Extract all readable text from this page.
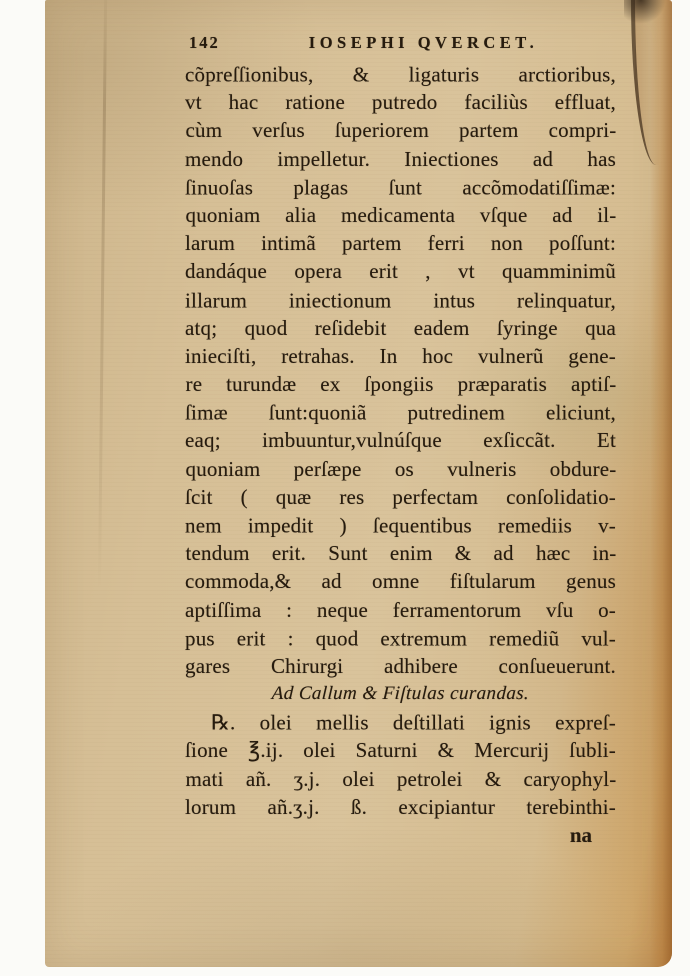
142	IOSEPHI QVERCET.
cõpreſſionibus, & ligaturis arctioribus,
vt hac ratione putredo faciliùs effluat,
cùm verſus ſuperiorem partem compri-
mendo impelletur. Iniectiones ad has
ſinuoſas plagas ſunt accõmodatiſſimæ:
quoniam alia medicamenta vſque ad il-
larum intimã partem ferri non poſſunt:
dandáque opera erit , vt quamminimũ
illarum iniectionum intus relinquatur,
atq; quod reſidebit eadem ſyringe qua
inieciſti, retrahas. In hoc vulnerũ gene-
re turundæ ex ſpongiis præparatis aptiſ-
ſimæ ſunt:quoniã putredinem eliciunt,
eaq; imbuuntur,vulnúſque exſiccãt. Et
quoniam perſæpe os vulneris obdure-
ſcit ( quæ res perfectam conſolidatio-
nem impedit ) ſequentibus remediis v-
tendum erit. Sunt enim & ad hæc in-
commoda,& ad omne fiſtularum genus
aptiſſima : neque ferramentorum vſu o-
pus erit : quod extremum remediũ vul-
gares Chirurgi adhibere conſueuerunt.
Ad Callum & Fiſtulas curandas.
℞. olei mellis deſtillati ignis expreſ-
ſione ℥.ij. olei Saturni & Mercurij ſubli-
mati añ. ʒ.j. olei petrolei & caryophyl-
lorum añ.ʒ.j. ß. excipiantur terebinthi-
na
